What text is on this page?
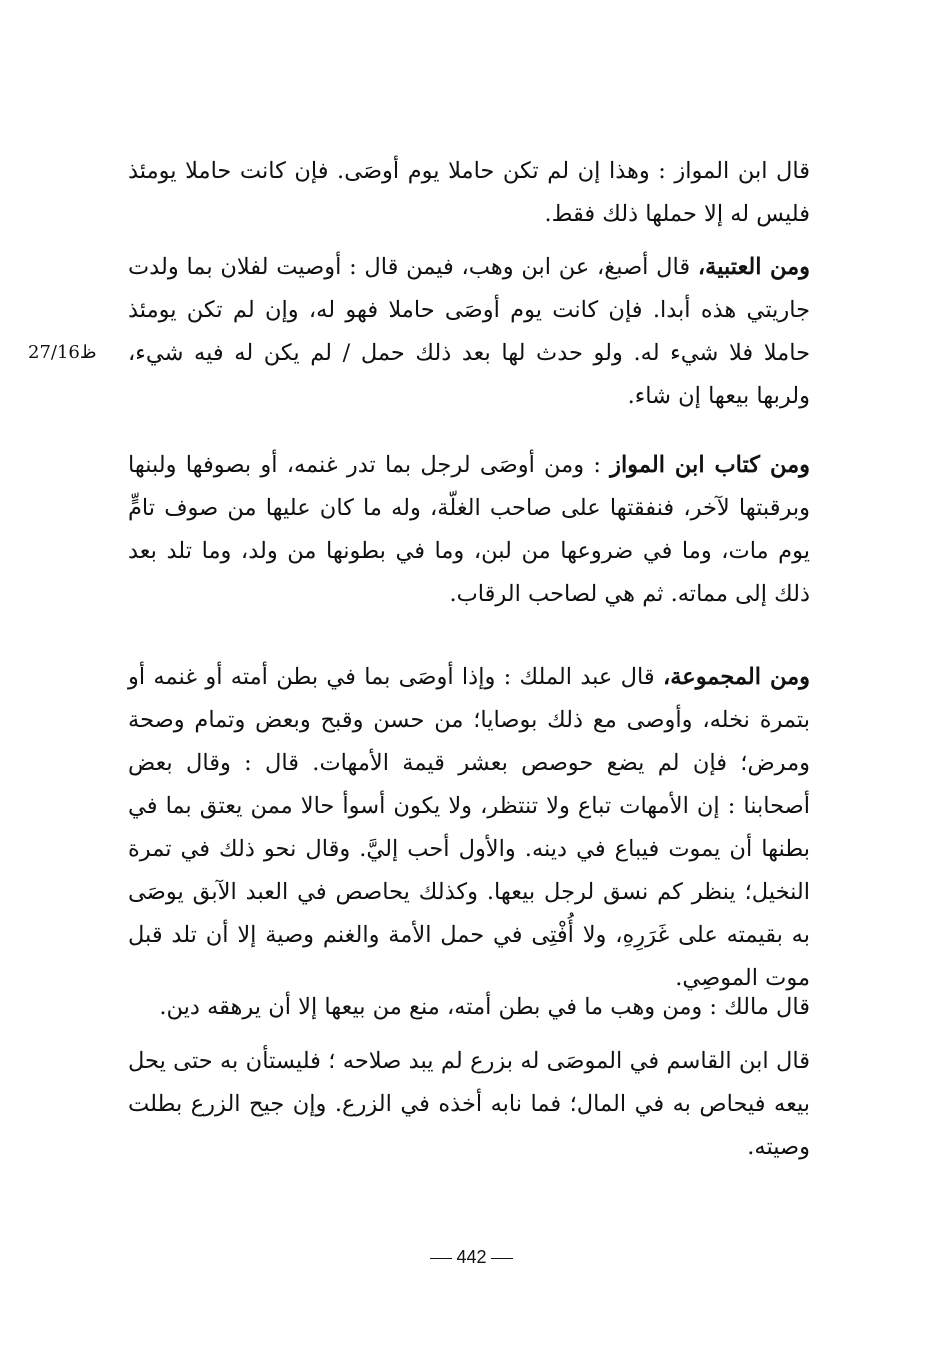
27/16ظ

قال ابن المواز : وهذا إن لم تكن حاملا يوم أوصَى. فإن كانت حاملا يومئذ فليس له إلا حملها ذلك فقط.

ومن العتبية، قال أصبغ، عن ابن وهب، فيمن قال : أوصيت لفلان بما ولدت جاريتي هذه أبدا. فإن كانت يوم أوصَى حاملا فهو له، وإن لم تكن يومئذ حاملا فلا شيء له. ولو حدث لها بعد ذلك حمل / لم يكن له فيه شيء، ولربها بيعها إن شاء.

ومن كتاب ابن المواز : ومن أوصَى لرجل بما تدر غنمه، أو بصوفها ولبنها وبرقبتها لآخر، فنفقتها على صاحب الغلّة، وله ما كان عليها من صوف تامٍّ يوم مات، وما في ضروعها من لبن، وما في بطونها من ولد، وما تلد بعد ذلك إلى مماته. ثم هي لصاحب الرقاب.

ومن المجموعة، قال عبد الملك : وإذا أوصَى بما في بطن أمته أو غنمه أو بتمرة نخله، وأوصى مع ذلك بوصايا؛ من حسن وقبح وبعض وتمام وصحة ومرض؛ فإن لم يضع حوصص بعشر قيمة الأمهات. قال : وقال بعض أصحابنا : إن الأمهات تباع ولا تنتظر، ولا يكون أسوأ حالا ممن يعتق بما في بطنها أن يموت فيباع في دينه. والأول أحب إليَّ. وقال نحو ذلك في تمرة النخيل؛ ينظر كم نسق لرجل بيعها. وكذلك يحاصص في العبد الآبق يوصَى به بقيمته على غَرَرِهِ، ولا أُفْتِى في حمل الأمة والغنم وصية إلا أن تلد قبل موت الموصِي.

قال مالك : ومن وهب ما في بطن أمته، منع من بيعها إلا أن يرهقه دين.

قال ابن القاسم في الموصَى له بزرع لم يبد صلاحه ؛ فليستأن به حتى يحل بيعه فيحاص به في المال؛ فما نابه أخذه في الزرع. وإن جيح الزرع بطلت وصيته.

442
